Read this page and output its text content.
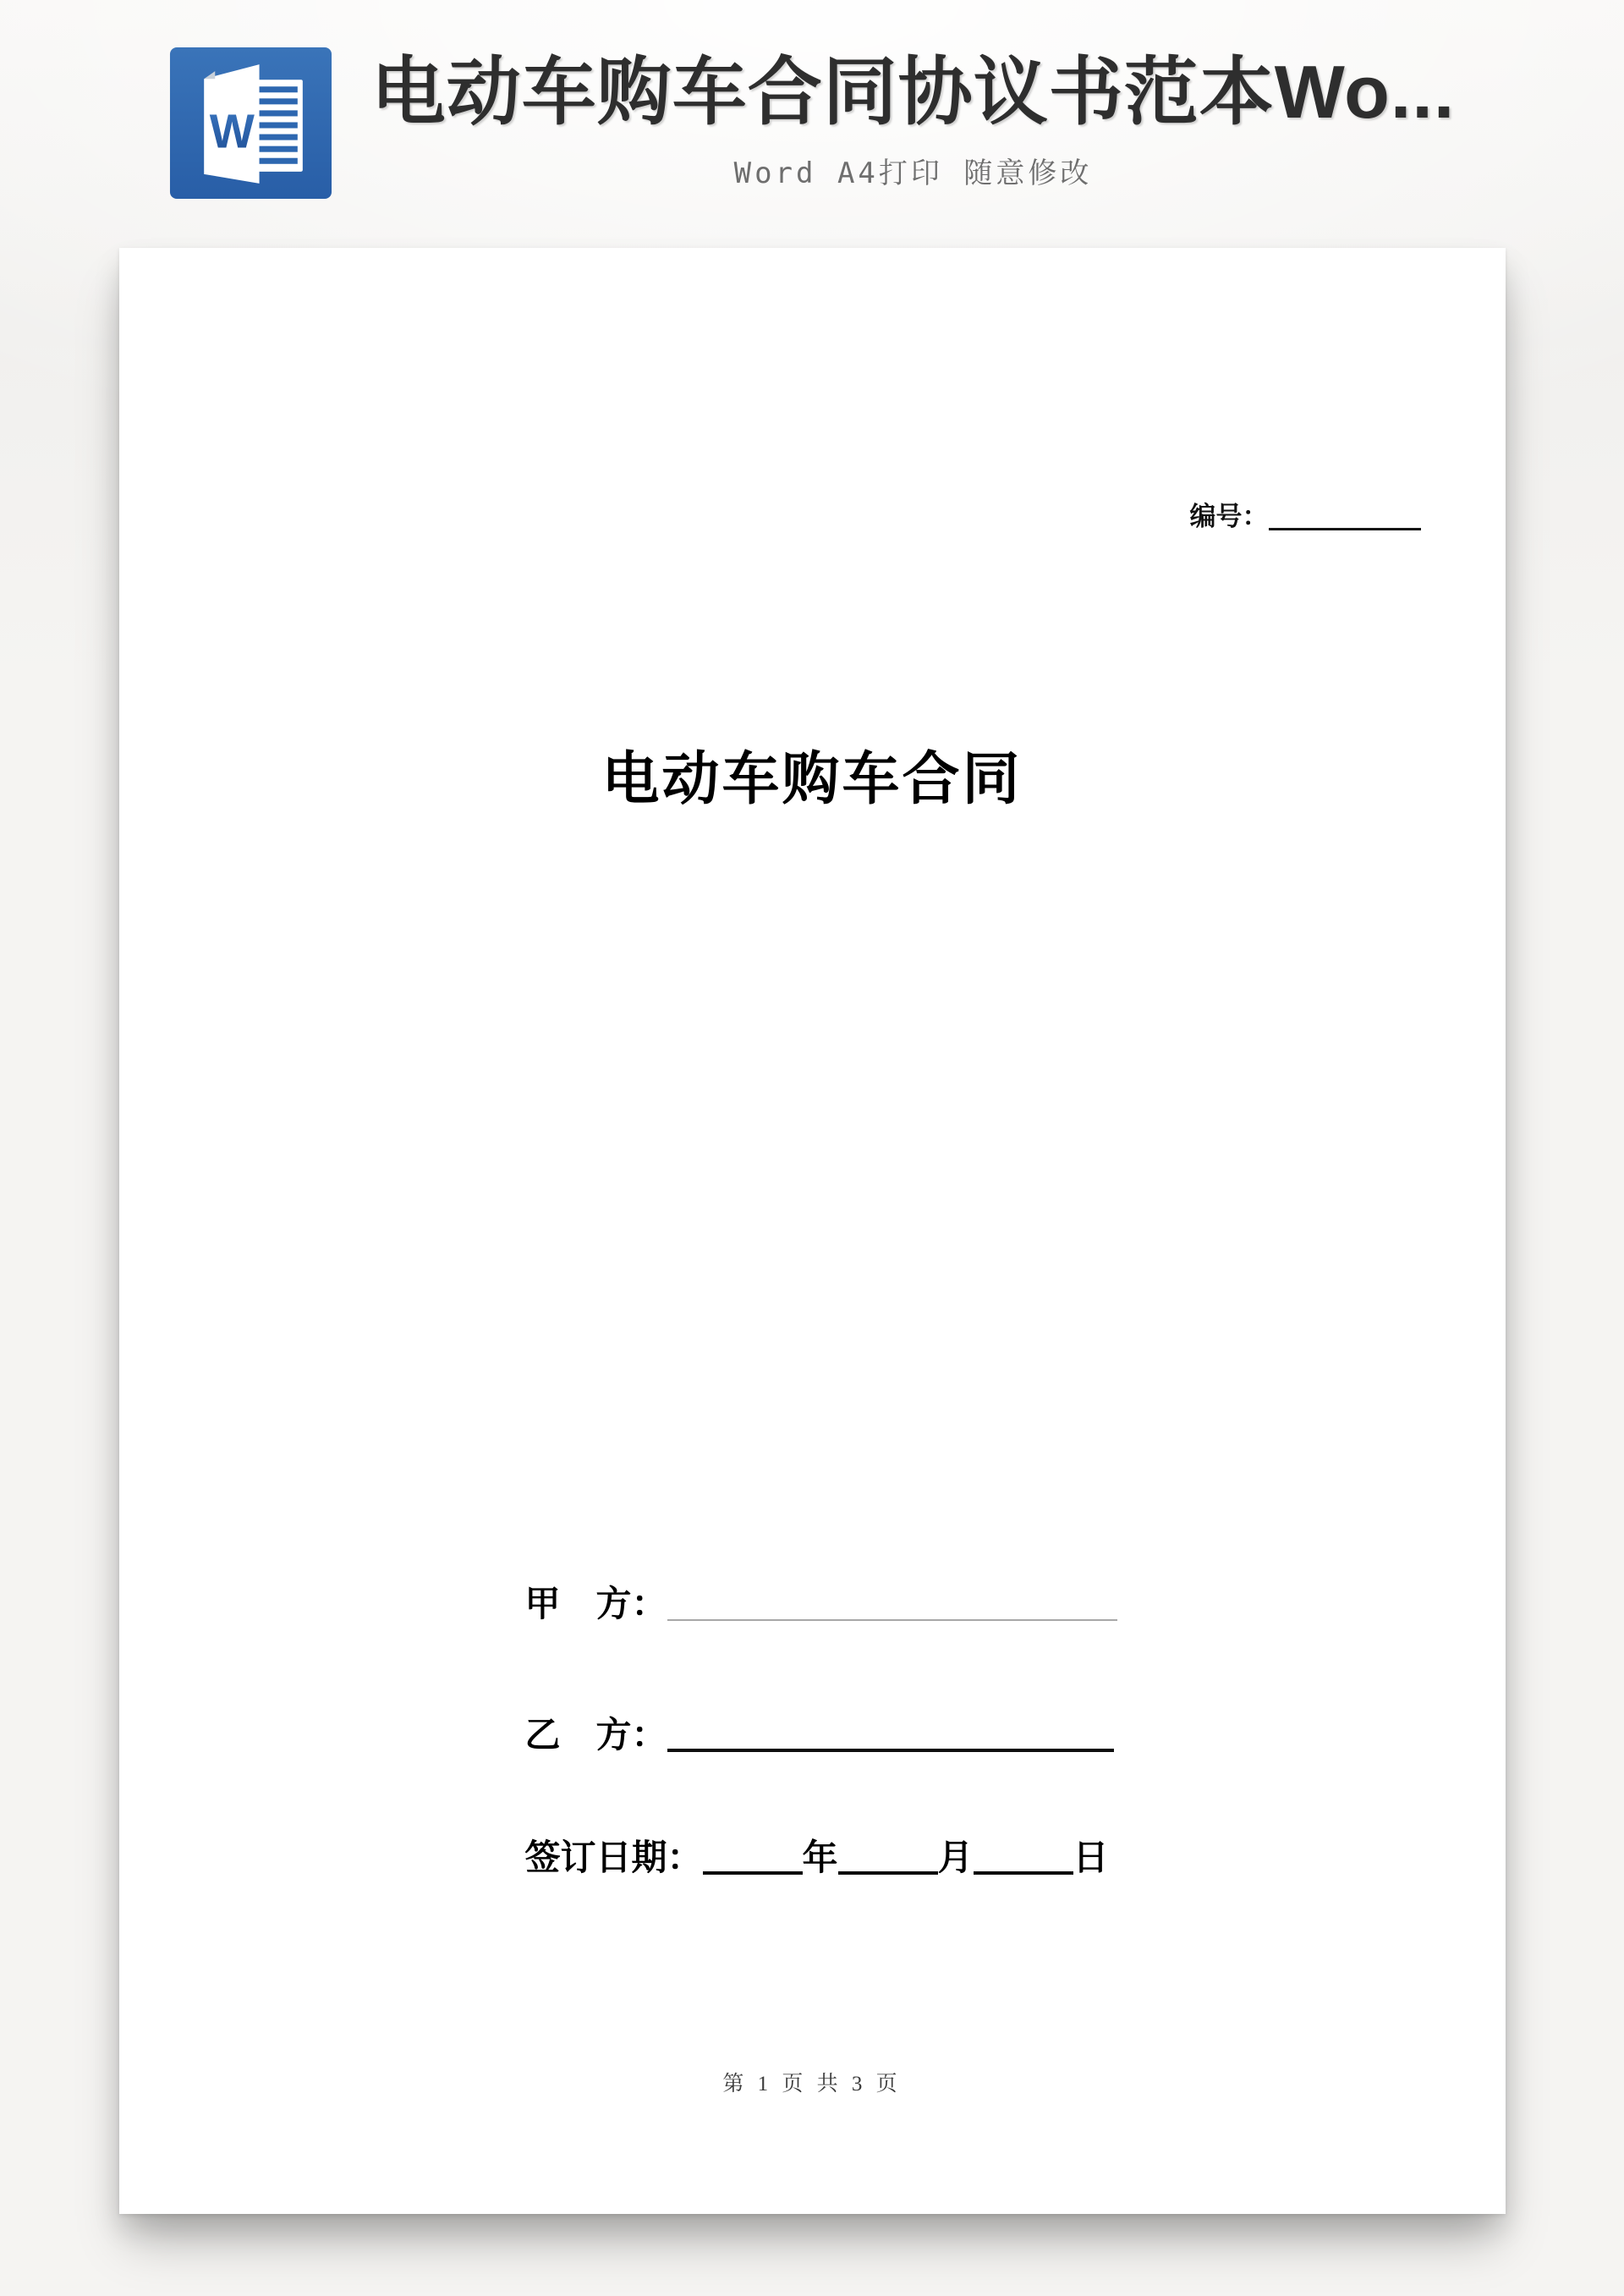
W 电动车购车合同协议书范本Wo...
Word A4打印 随意修改
编号：
电动车购车合同
甲　方：
乙　方：
签订日期：	年	月	日
第 1 页 共 3 页
